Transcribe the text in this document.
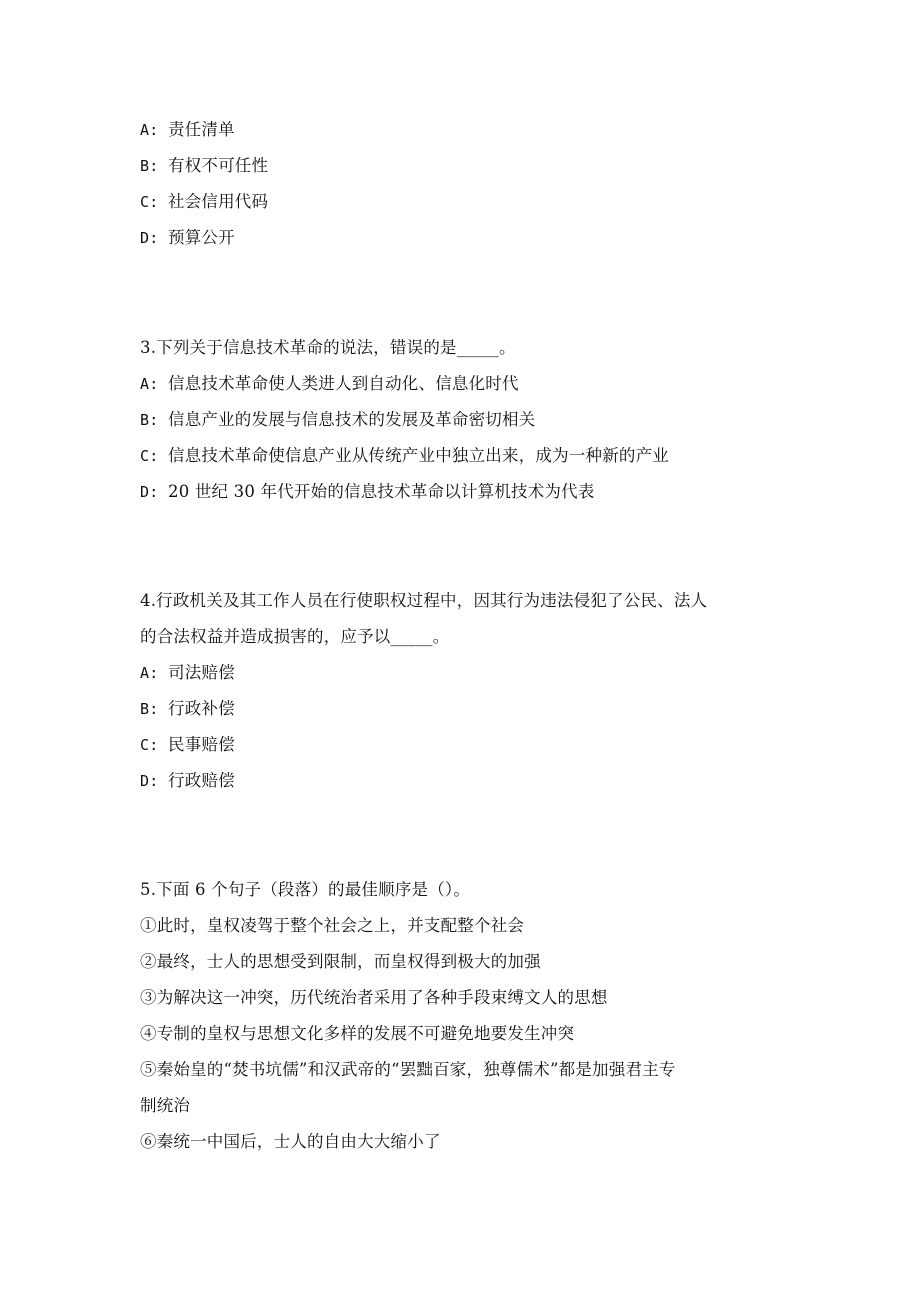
A: 责任清单
B: 有权不可任性
C: 社会信用代码
D: 预算公开
3.下列关于信息技术革命的说法，错误的是_____。
A: 信息技术革命使人类进人到自动化、信息化时代
B: 信息产业的发展与信息技术的发展及革命密切相关
C: 信息技术革命使信息产业从传统产业中独立出来，成为一种新的产业
D: 20 世纪 30 年代开始的信息技术革命以计算机技术为代表
4.行政机关及其工作人员在行使职权过程中，因其行为违法侵犯了公民、法人
的合法权益并造成损害的，应予以_____。
A: 司法赔偿
B: 行政补偿
C: 民事赔偿
D: 行政赔偿
5.下面 6 个句子（段落）的最佳顺序是（）。
①此时，皇权凌驾于整个社会之上，并支配整个社会
②最终，士人的思想受到限制，而皇权得到极大的加强
③为解决这一冲突，历代统治者采用了各种手段束缚文人的思想
④专制的皇权与思想文化多样的发展不可避免地要发生冲突
⑤秦始皇的“焚书坑儒”和汉武帝的“罢黜百家，独尊儒术”都是加强君主专
制统治
⑥秦统一中国后，士人的自由大大缩小了
